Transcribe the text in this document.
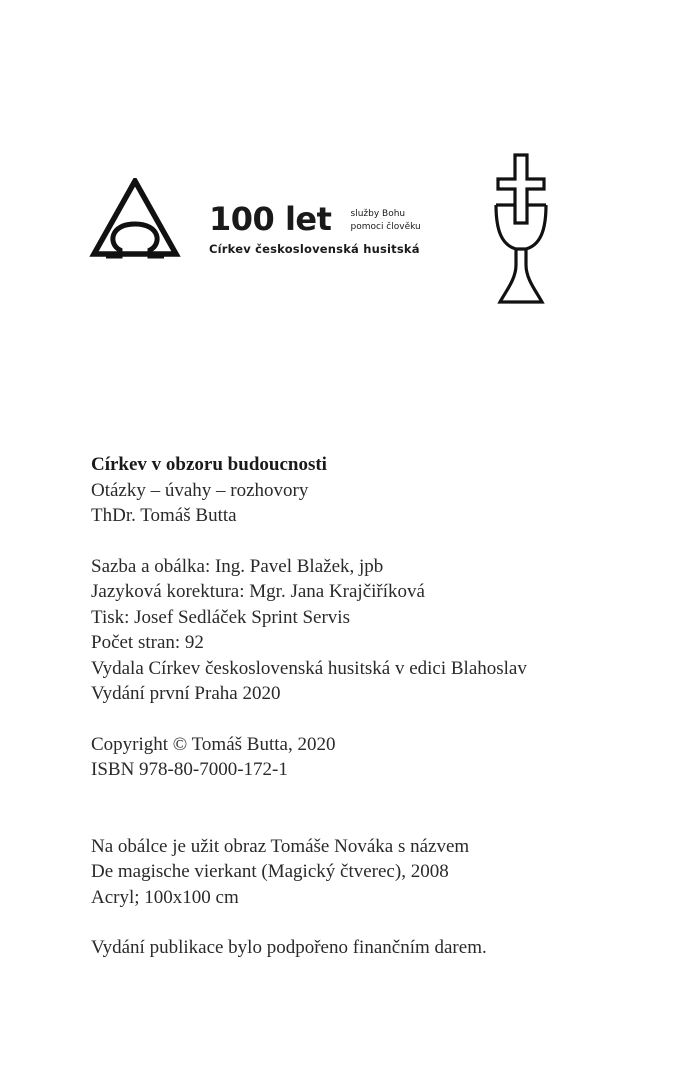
100 let služby Bohu
pomoci člověku
Církev československá husitská
Církev v obzoru budoucnosti
Otázky – úvahy – rozhovory
ThDr. Tomáš Butta
Sazba a obálka: Ing. Pavel Blažek, jpb
Jazyková korektura: Mgr. Jana Krajčiříková
Tisk: Josef Sedláček Sprint Servis
Počet stran: 92
Vydala Církev československá husitská v edici Blahoslav
Vydání první Praha 2020
Copyright © Tomáš Butta, 2020
ISBN 978-80-7000-172-1
Na obálce je užit obraz Tomáše Nováka s názvem
De magische vierkant (Magický čtverec), 2008
Acryl; 100x100 cm
Vydání publikace bylo podpořeno finančním darem.
